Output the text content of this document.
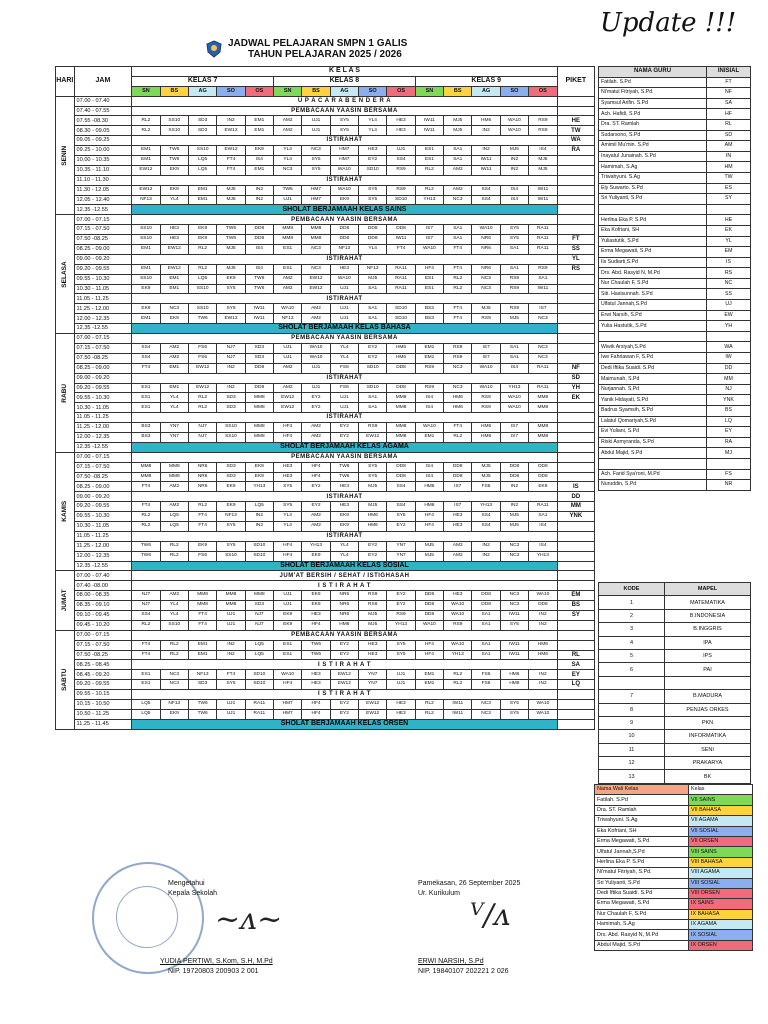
Update !!!
JADWAL PELAJARAN SMPN 1 GALIS
TAHUN PELAJARAN 2025 / 2026
HARI	JAM	K E L A S															PIKET
		KELAS 7					KELAS 8					KELAS 9					
		SN	BS	AG	SO	OS	SN	BS	AG	SO	OS	SN	BS	AG	SO	OS	
SENIN	07.00 - 07.40	U P A C A R A B E N D E R A															
	07.40 - 07.55	PEMBACAAN YAASIN BERSAMA															
	07.55 -08.30	RL2	SS10	SD3	IN2	EM1	AM2	UJ1	SY5	YL4	HE3	IW11	MJ5	HM6	WA10	RS9	HE
	08.30 - 09.05	RL2	SS10	SD3	EW12	EM1	AM2	UJ1	SY5	YL4	HE3	IW11	MJ5	IN2	WA10	RS9	TW
	09.05 - 09.25	ISTIRAHAT															WA
	09.25 - 10.00	EM1	TW6	SS10	EW12	EK9	YL4	NC3	HM7	HE3	UJ1	ES1	SA1	IN2	MJ5	IS4	RA
	10.00 - 10.35	EM1	TW6	LQ5	FT4	IS4	YL4	SY5	HM7	EY2	SS4	ES1	SA1	IW11	IN2	MJ5	
	10.35 - 11.10	EW12	EK9	LQ5	FT4	EM1	NC3	SY5	WA10	SD10	RS9	RL2	AM2	IW11	IN2	MJ5	
	11.10 - 11.30	ISTIRAHAT															
	11.30 - 12.05	EW12	EK9	EM1	MJ5	IN2	TW6	HM7	WA10	SY5	RS9	RL2	AM2	SS4	IS4	IW11	
	12.05 - 12.40	NF13	YL4	EM1	MJ5	IN2	UJ1	HM7	EK9	SY5	SD10	YH13	NC3	SS4	IS4	IW11	
	12.35 -12.55	SHOLAT BERJAMAAH KELAS SAINS															
SELASA	07.00 - 07.15	PEMBACAAN YAASIN BERSAMA															
	07.15 - 07.50	SS10	HE3	EK9	TW6	DD8	MM8	MM8	DD8	DD8	DD8	IS7	SA1	WA10	SY5	RA11	
	07.50 -08.25	SS10	HE3	EK9	TW6	DD8	MM8	MM8	DD8	DD8	IW11	IS7	SA1	NR6	SY5	RA11	FT
	08.25 - 09.00	EM1	EW12	RL2	MJ5	IS4	ES1	NC3	NF13	YL4	FT4	WA10	FT4	NR6	SA1	RA11	SS
	09.00 - 09.20	ISTIRAHAT															YL
	09.20 - 09.55	EM1	EW12	RL2	MJ5	IS4	ES1	NC3	HE3	NF13	RA11	HF4	FT4	NR6	SA1	RS9	RS
	09.55 - 10.30	SS10	EM1	LQ5	EK9	TW6	AM2	EW12	WA10	MJ5	RA11	ES1	RL2	NC3	RS9	SA1	
	10.30 - 11.05	EK9	EM1	SS10	SY5	TW6	AM2	EW12	UJ1	SA1	RA11	ES1	RL2	NC3	RS9	IW11	
	11.05 - 11.25	ISTIRAHAT															
	11.25 - 12.00	EK9	NC3	SS10	SY5	IW11	WA10	AM2	UJ1	SA1	SD10	BS3	FT4	MJ5	RS9	IS7	
	12.00 - 12.35	EM1	EK9	TW6	EW12	IW11	NF13	AM2	UJ1	SA1	SD10	BS3	FT4	RS9	MJ5	NC3	
	12.35 -12.55	SHOLAT BERJAMAAH KELAS BAHASA															
RABU	07.00 - 07.15	PEMBACAAN YAASIN BERSAMA															
	07.15 - 07.50	SS4	AM2	FS6	NJ7	SD3	UJ1	WA10	YL4	EY2	HM6	EM1	RS9	IS7	SA1	NC3	
	07.50 -08.25	SS4	AM2	FS6	NJ7	SD3	UJ1	WA10	YL4	EY2	HM6	EM1	RS9	IS7	SA1	NC3	
	08.25 - 09.00	FT4	EM1	EW12	IN2	DD8	AM2	UJ1	FS6	SD10	DD8	RS9	NC3	WA10	IS4	RA11	NF
	09.00 - 09.20	ISTIRAHAT															SD
	09.20 - 09.55	ES1	EM1	EW12	IN2	DD8	AM2	UJ1	FS6	SD10	DD8	RS9	NC3	WA10	YH13	RA11	YH
	09.55 - 10.30	ES1	YL4	RL2	SD3	MM8	EW12	EY2	UJ1	SA1	MM8	IS4	HM6	RS9	WA10	MM8	EK
	10.30 - 11.05	ES1	YL4	RL2	SD3	MM8	EW12	EY2	UJ1	SA1	MM8	IS4	HM6	RS9	WA10	MM8	
	11.05 - 11.25	ISTIRAHAT															
	11.25 - 12.00	BS3	YN7	NJ7	SS10	MM8	HF4	AM2	EY2	RS9	MM8	WA10	FT4	HM6	IS7	MM8	
	12.00 - 12.35	BS3	YN7	NJ7	SS10	MM8	HF4	AM2	EY2	EW12	MM8	EM1	RL2	HM6	IS7	MM8	
	12.35 -12.55	SHOLAT BERJAMAAH KELAS AGAMA															
KAMIS	07.00 - 07.15	PEMBACAAN YAASIN BERSAMA															
	07.15 - 07.50	MM8	MM8	NR6	SD3	EK9	HE3	HF4	TW6	SY5	DD8	IS4	DD8	MJ5	DD8	DD8	
	07.50 -08.25	MM8	MM8	NR6	SD3	EK9	HE3	HF4	TW6	SY5	DD8	IS4	DD8	MJ5	DD8	DD8	
	08.25 - 09.00	FT4	AM2	NR6	EK9	YH13	SY5	EY2	HE3	MJ5	SS4	HM6	IS7	FS6	IN2	EK9	IS
	09.00 - 09.20	ISTIRAHAT															DD
	09.20 - 09.55	FT4	AM2	RL2	EK9	LQ5	SY5	EY2	HE3	MJ5	SS4	HM6	IS7	YH13	IN2	RA11	MM
	09.55 - 10.30	RL2	LQ5	FT4	NF13	IN2	YL4	AM2	EK9	HM6	SY5	HF4	HE3	SS4	MJ5	SA1	YNK
	10.30 - 11.05	RL2	LQ5	FT4	SY5	IN2	YL4	AM2	EK9	HM6	EY2	HF4	HE3	SS4	MJ5	IS4	
	11.05 - 11.25	ISTIRAHAT															
	11.25 - 12.00	TW6	RL2	EK9	SY5	SD10	HF4	YH13	YL4	EY2	YN7	MJ5	AM2	IN2	NC3	IS4	
	12.00 - 12.35	TW6	RL2	FS6	SS10	SD10	HF4	EK9	YL4	EY2	YN7	MJ5	AM2	IN2	NC3	YH13	
	12.35 -12.55	SHOLAT BERJAMAAH KELAS SOSIAL															
JUMAT	07.00 - 07.40	JUM'AT BERSIH / SEHAT / ISTIGHASAH															
	07.40 -08.00	I S T I R A H A T															
	08.00 - 08.35	NJ7	AM2	MM8	MM8	MM8	UJ1	EK9	NR6	RS9	EY2	DD8	HE3	DD8	NC3	WA10	EM
	08.35 - 09.10	NJ7	YL4	MM8	MM8	SD3	UJ1	EK9	NR6	RS9	EY2	DD8	WA10	DD8	NC3	DD8	BS
	09.10 - 09.45	SS4	YL4	FT4	UJ1	NJ7	EK9	HE3	NR6	MJ5	RS9	DD8	WA10	SA1	IW11	IN2	SY
	09.45 - 10.20	RL2	SS10	FT4	UJ1	NJ7	EK9	HF4	HM6	MJ5	YH13	WA10	RS9	SA1	SY5	IN2	
SABTU	07.00 - 07.15	PEMBACAAN YAASIN BERSAMA															
	07.15 - 07.50	FT4	RL2	EM1	IN2	LQ5	ES1	TW6	EY2	HE3	SY5	HF4	WA10	SA1	IW11	HM6	
	07.50 -08.25	FT4	RL2	EM1	IN2	LQ5	ES1	TW6	EY2	HE3	SY5	HF4	YH13	SA1	IW11	HM6	RL
	08.25 - 08.45	I S T I R A H A T															SA
	08.45 - 09.20	ES1	NC3	NF13	FT4	SD10	WA10	HE3	EW12	YN7	UJ1	EM1	RL2	FS6	HM6	IN2	EY
	09.20 - 09.55	ES1	NC3	SD3	SY5	SD10	HF4	HE3	EW12	YN7	UJ1	EM1	RL2	FS6	HM6	IN2	LQ
	09.55 - 10.15	I S T I R A H A T															
	10.15 - 10.50	LQ5	NF13	TW6	UJ1	RA11	HM7	HF4	EY2	EW12	HE3	RL2	IW11	NC3	SY5	WA10	
	10.50 - 11.25	LQ5	EK9	TW6	UJ1	RA11	HM7	HF4	EY2	EW12	HE3	RL2	IW11	NC3	SY5	WA10	
	11.25 - 11.45	SHOLAT BERJAMAAH KELAS ORSEN															
NAMA GURU	INISIAL
Fatilah. S.Pd	FT
Ni'matul Fitriyah, S.Pd.	NF
Syamsul Arifin. S.Pd	SA
Ach. Hafidi, S.Pd	HF
Dra. ST. Ramlah	RL
Sudarsono, S.Pd	SD
Amimil Mu'min. S.Pd	AM
Inayatul Junainah. S.Pd	IN
Hamimah, S.Ag	HM
Triwahyuni. S.Ag	TW
Ely Suwarto. S.Pd	ES
Sri Yuliyanti, S.Pd	SY

Herlina Eka P. S.Pd	HE
Eka Kofriani, SH	EK
Yuliastutik, S.Pd	YL
Erma Megawati, S.Pd	EM
Iis Sudiarti,S.Pd	IS
Drs. Abd. Rasyid N, M.Pd	RS
Nur Chaulah F, S.Pd	NC
Siti. Hasisunnah. S.Pd	SS
Ulfatul Jannah,S.Pd	UJ
Erwi Narsih, S.Pd	EW
Yulia Hastutik, S.Pd	YH

Wiwik Arsiyah,S.Pd	WA
Iwe Fahriawan F, S.Pd	IW
Dedi Iftika Suaidi. S.Pd	DD
Maimunah, S.Pd	MM
Nurjannah. S.Pd	NJ
Yanik Hidayati, S.Pd	YNK
Badrus Syamsih, S.Pd	BS
Lalatul Qomariyah,S.Pd	LQ
Evi Yuliani, S.Pd	EY
Riski Asmyranda, S.Pd	RA
Abdul Majid, S.Pd	MJ

Ach. Farid Sya'roni, M.Pd	FS
Nuruddin, S.Pd	NR
KODE	MAPEL
1	MATEMATIKA
2	B.INDONESIA
3	B.INGGRIS
4	IPA
5	IPS
6	PAI

7	B.MADURA
8	PENJAS ORKES
9	PKN
10	INFORMATIKA
11	SENI
12	PRAKARYA
13	BK
Nama Wali Kelas	Kelas
Fatilah. S.Pd	VII SAINS
Dra. ST. Ramlah	VII BAHASA
Triwahyuni. S.Ag	VII AGAMA
Eka Kofriani, SH	VII SOSIAL
Erma Megawati, S.Pd	VII ORSEN
Ulfatul Jannah,S.Pd	VIII SAINS
Herlina Eka P. S.Pd	VIII BAHASA
Ni'matul Fitriyah, S.Pd.	VIII AGAMA
Sri Yuliyanti, S.Pd	VIII SOSIAL
Dedi Iftika Suaidi. S.Pd	VIII ORSEN
Erma Megawati, S.Pd	IX SAINS
Nur Chaulah F, S.Pd	IX BAHASA
Hamimah, S.Ag	IX AGAMA
Drs. Abd. Rasyid N, M.Pd	IX SOSIAL
Abdul Majid, S.Pd	IX ORSEN
Mengetahui
Kepala Sekolah
~ᴧ~
YUDIA PERTIWI, S.Kom, S.H, M.Pd
NIP. 19720803 200903 2 001
Pamekasan, 26 September 2025
Ur. Kurikulum
ⱽ/ᴧ
ERWI NARSIH, S.Pd
NIP. 19840107 202221 2 026
